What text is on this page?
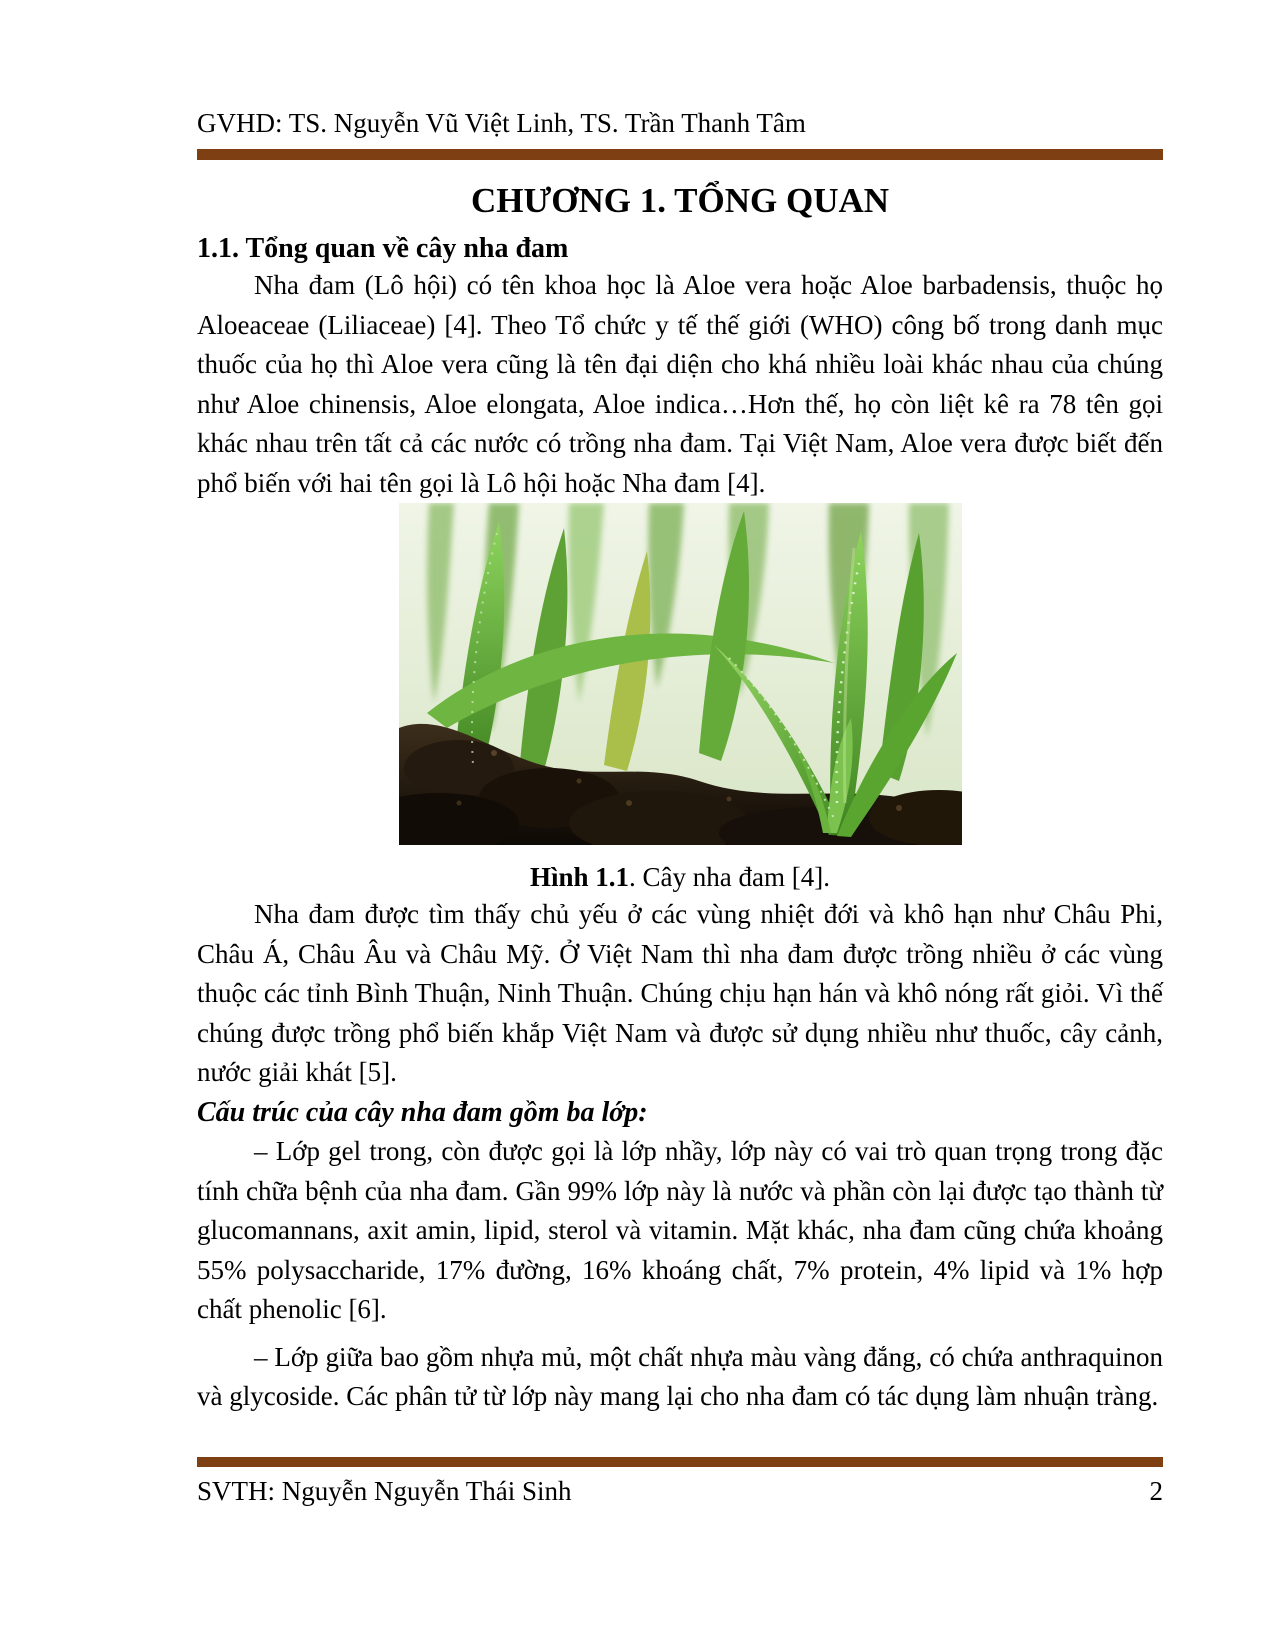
GVHD: TS. Nguyễn Vũ Việt Linh, TS. Trần Thanh Tâm
CHƯƠNG 1. TỔNG QUAN
1.1. Tổng quan về cây nha đam

Nha đam (Lô hội) có tên khoa học là Aloe vera hoặc Aloe barbadensis, thuộc họ Aloeaceae (Liliaceae) [4]. Theo Tổ chức y tế thế giới (WHO) công bố trong danh mục thuốc của họ thì Aloe vera cũng là tên đại diện cho khá nhiều loài khác nhau của chúng như Aloe chinensis, Aloe elongata, Aloe indica…Hơn thế, họ còn liệt kê ra 78 tên gọi khác nhau trên tất cả các nước có trồng nha đam. Tại Việt Nam, Aloe vera được biết đến phổ biến với hai tên gọi là Lô hội hoặc Nha đam [4].

Hình 1.1. Cây nha đam [4].

Nha đam được tìm thấy chủ yếu ở các vùng nhiệt đới và khô hạn như Châu Phi, Châu Á, Châu Âu và Châu Mỹ. Ở Việt Nam thì nha đam được trồng nhiều ở các vùng thuộc các tỉnh Bình Thuận, Ninh Thuận. Chúng chịu hạn hán và khô nóng rất giỏi. Vì thế chúng được trồng phổ biến khắp Việt Nam và được sử dụng nhiều như thuốc, cây cảnh, nước giải khát [5].

Cấu trúc của cây nha đam gồm ba lớp:

– Lớp gel trong, còn được gọi là lớp nhầy, lớp này có vai trò quan trọng trong đặc tính chữa bệnh của nha đam. Gần 99% lớp này là nước và phần còn lại được tạo thành từ glucomannans, axit amin, lipid, sterol và vitamin. Mặt khác, nha đam cũng chứa khoảng 55% polysaccharide, 17% đường, 16% khoáng chất, 7% protein, 4% lipid và 1% hợp chất phenolic [6].

– Lớp giữa bao gồm nhựa mủ, một chất nhựa màu vàng đắng, có chứa anthraquinon và glycoside. Các phân tử từ lớp này mang lại cho nha đam có tác dụng làm nhuận tràng.

SVTH: Nguyễn Nguyễn Thái Sinh	2
